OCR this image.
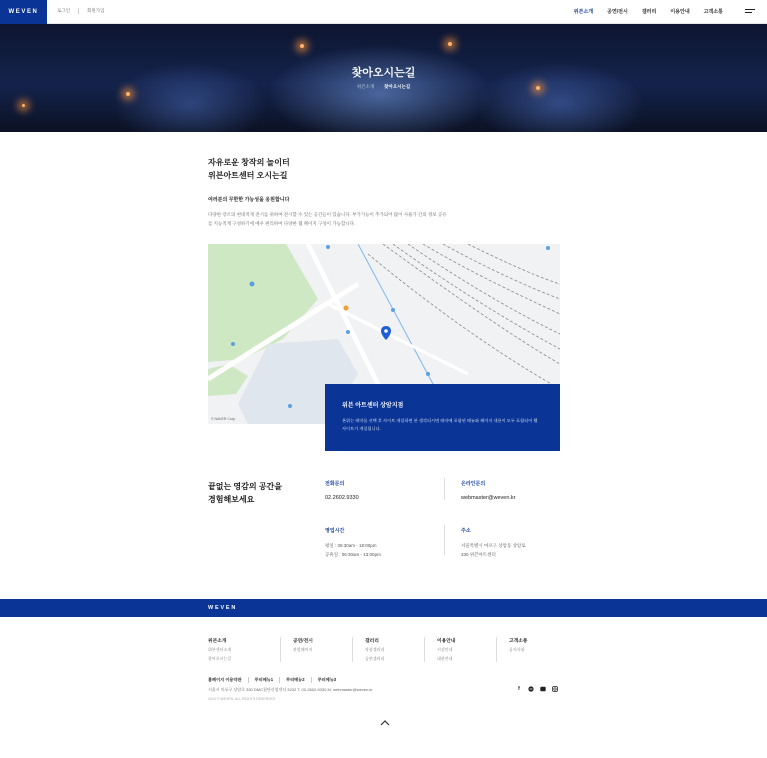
WEVEN	로그인	회원가입	위븐소개	공연/전시	갤러리	이용안내	고객소통
찾아오시는길
위븐소개 찾아오시는길
자유로운 창작의 놀이터
위븐아트센터 오시는길
여러분의 무한한 가능성을 응원합니다

다양한 장르의 현대적게 전시를 위하여 전시할 수 있는 공간들이 있습니다. 부가가능이 추가되어 많이 사용가 간의 정보 공유를 지능적게 구성하기에 매우 편리하여 다양한 웹 페이지 구성이 가능합니다.

© NAVER Corp.
위븐 아트센터 상암지점

본위는 테마를 선택 후 사이트 개설하면 본 생각되시면 테마에 포함된 메뉴와 페이지 내용이 모두 포함되어 웹 사이트가 개설됩니다.

끝없는 영감의 공간을
경험해보세요
전화문의
02.2602.9330
온라인문의
webmaster@weven.kr
영업시간
평일 : 06:30am - 18:00pm
공휴일 : 06:30am - 13:00pm
주소
서울특별시 마포구 상암동 상암로
330 위븐아트센터
WEVEN
위븐소개
위븐센터소개
찾아오시는길
공연/전시
관람페이지
갤러리
작품갤러리
공연갤러리
이용안내
시설안내
대관안내
고객소통
공지사항
홈페이지 이용약관	푸터메뉴1	푸터메뉴2	푸터메뉴3
서울시 마포구 상암로 330 DMC첨단산업센터 3202 T. 02-2602-9330 M. webmaster@weven.kr
2024 © WEVEN. ALL RIGHTS RESERVED
f
